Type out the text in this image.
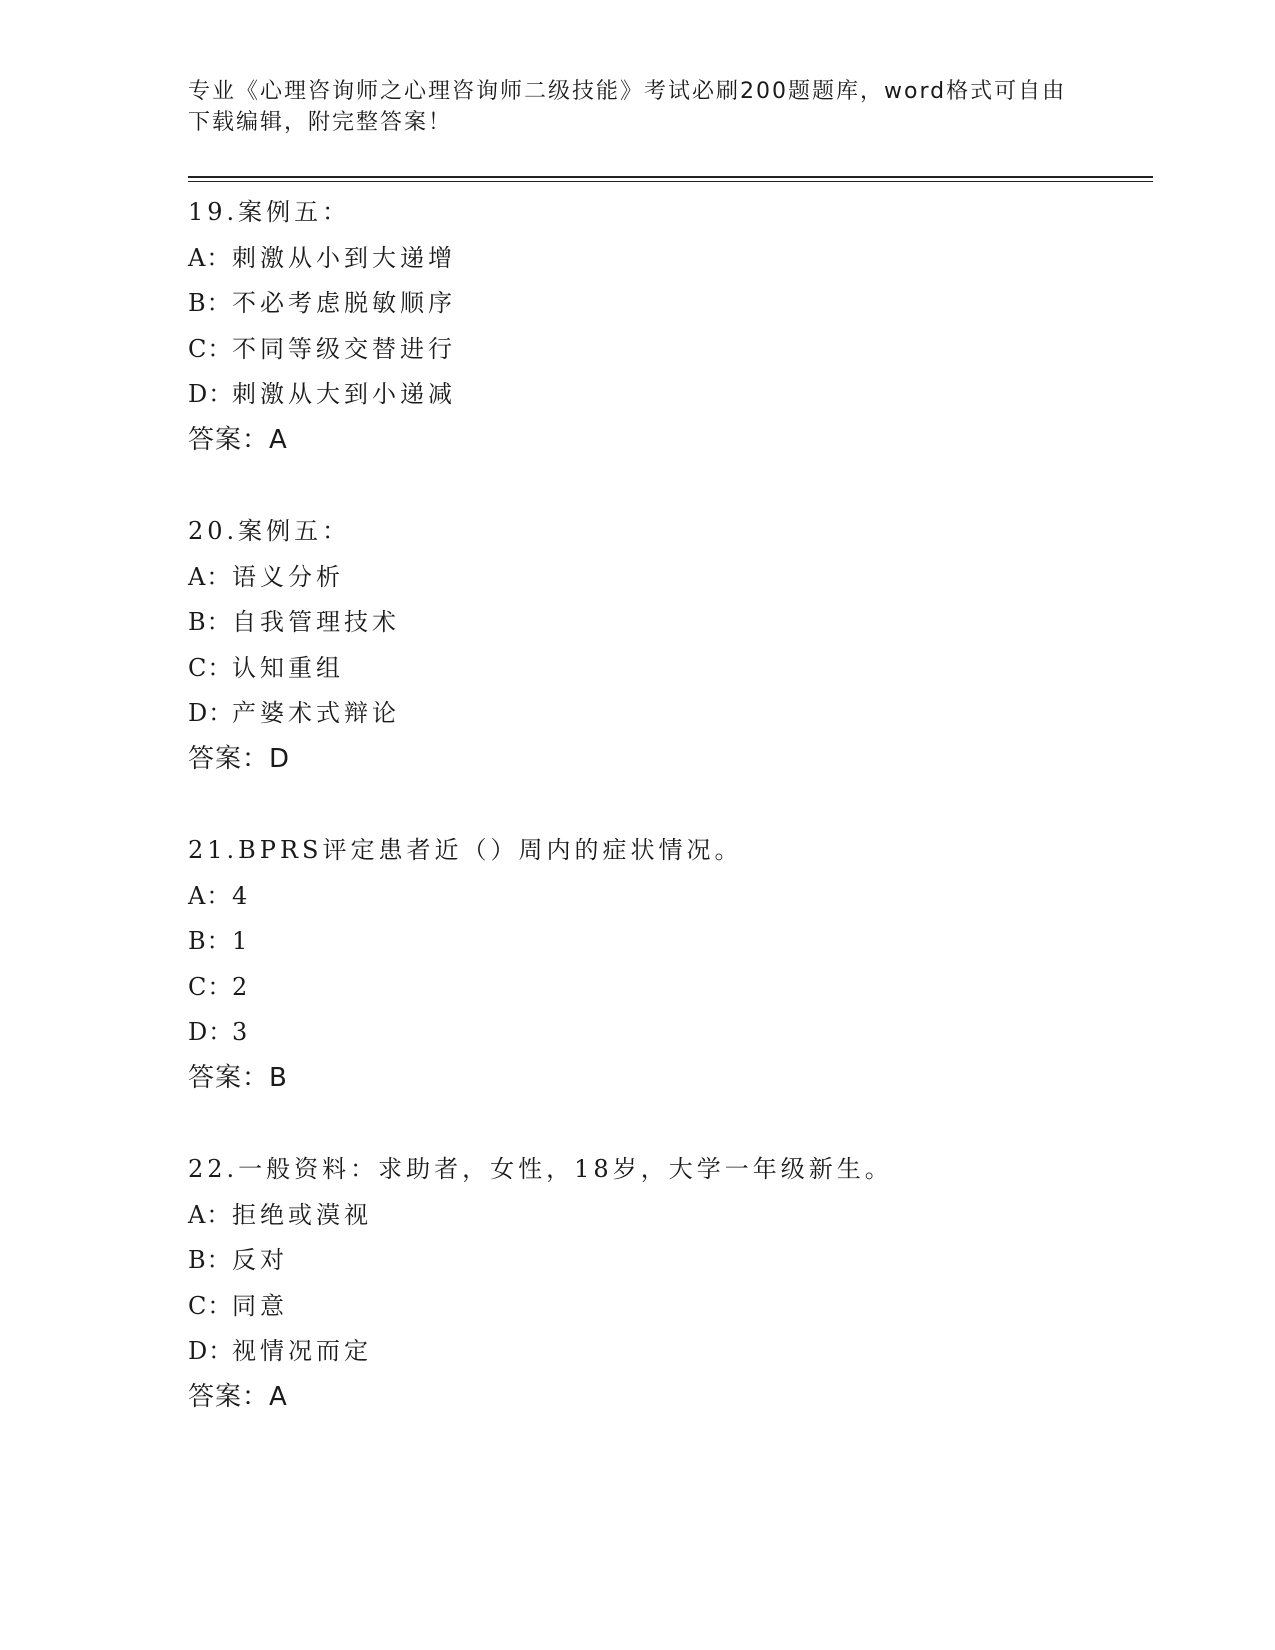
专业《心理咨询师之心理咨询师二级技能》考试必刷200题题库，word格式可自由下载编辑，附完整答案！
19.案例五：
A：刺激从小到大递增
B：不必考虑脱敏顺序
C：不同等级交替进行
D：刺激从大到小递减
答案：A
20.案例五：
A：语义分析
B：自我管理技术
C：认知重组
D：产婆术式辩论
答案：D
21.BPRS评定患者近（）周内的症状情况。
A：4
B：1
C：2
D：3
答案：B
22.一般资料：求助者，女性，18岁，大学一年级新生。
A：拒绝或漠视
B：反对
C：同意
D：视情况而定
答案：A
